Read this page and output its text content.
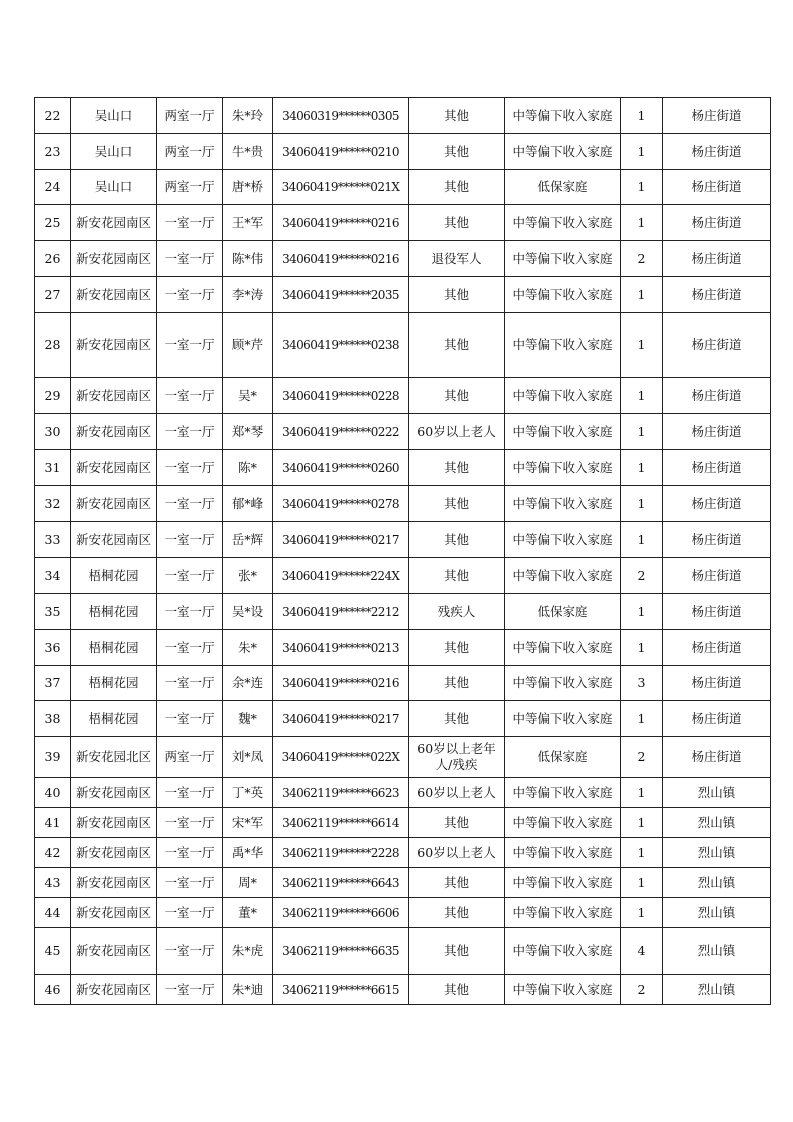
22	吴山口	两室一厅	朱*玲	34060319******0305	其他	中等偏下收入家庭	1	杨庄街道
23	吴山口	两室一厅	牛*贵	34060419******0210	其他	中等偏下收入家庭	1	杨庄街道
24	吴山口	两室一厅	唐*桥	34060419******021X	其他	低保家庭	1	杨庄街道
25	新安花园南区	一室一厅	王*军	34060419******0216	其他	中等偏下收入家庭	1	杨庄街道
26	新安花园南区	一室一厅	陈*伟	34060419******0216	退役军人	中等偏下收入家庭	2	杨庄街道
27	新安花园南区	一室一厅	李*涛	34060419******2035	其他	中等偏下收入家庭	1	杨庄街道
28	新安花园南区	一室一厅	顾*芹	34060419******0238	其他	中等偏下收入家庭	1	杨庄街道
29	新安花园南区	一室一厅	吴*	34060419******0228	其他	中等偏下收入家庭	1	杨庄街道
30	新安花园南区	一室一厅	郑*琴	34060419******0222	60岁以上老人	中等偏下收入家庭	1	杨庄街道
31	新安花园南区	一室一厅	陈*	34060419******0260	其他	中等偏下收入家庭	1	杨庄街道
32	新安花园南区	一室一厅	郁*峰	34060419******0278	其他	中等偏下收入家庭	1	杨庄街道
33	新安花园南区	一室一厅	岳*辉	34060419******0217	其他	中等偏下收入家庭	1	杨庄街道
34	梧桐花园	一室一厅	张*	34060419******224X	其他	中等偏下收入家庭	2	杨庄街道
35	梧桐花园	一室一厅	吴*设	34060419******2212	残疾人	低保家庭	1	杨庄街道
36	梧桐花园	一室一厅	朱*	34060419******0213	其他	中等偏下收入家庭	1	杨庄街道
37	梧桐花园	一室一厅	余*连	34060419******0216	其他	中等偏下收入家庭	3	杨庄街道
38	梧桐花园	一室一厅	魏*	34060419******0217	其他	中等偏下收入家庭	1	杨庄街道
39	新安花园北区	两室一厅	刘*凤	34060419******022X	60岁以上老年人/残疾	低保家庭	2	杨庄街道
40	新安花园南区	一室一厅	丁*英	34062119******6623	60岁以上老人	中等偏下收入家庭	1	烈山镇
41	新安花园南区	一室一厅	宋*军	34062119******6614	其他	中等偏下收入家庭	1	烈山镇
42	新安花园南区	一室一厅	禹*华	34062119******2228	60岁以上老人	中等偏下收入家庭	1	烈山镇
43	新安花园南区	一室一厅	周*	34062119******6643	其他	中等偏下收入家庭	1	烈山镇
44	新安花园南区	一室一厅	董*	34062119******6606	其他	中等偏下收入家庭	1	烈山镇
45	新安花园南区	一室一厅	朱*虎	34062119******6635	其他	中等偏下收入家庭	4	烈山镇
46	新安花园南区	一室一厅	朱*迪	34062119******6615	其他	中等偏下收入家庭	2	烈山镇
